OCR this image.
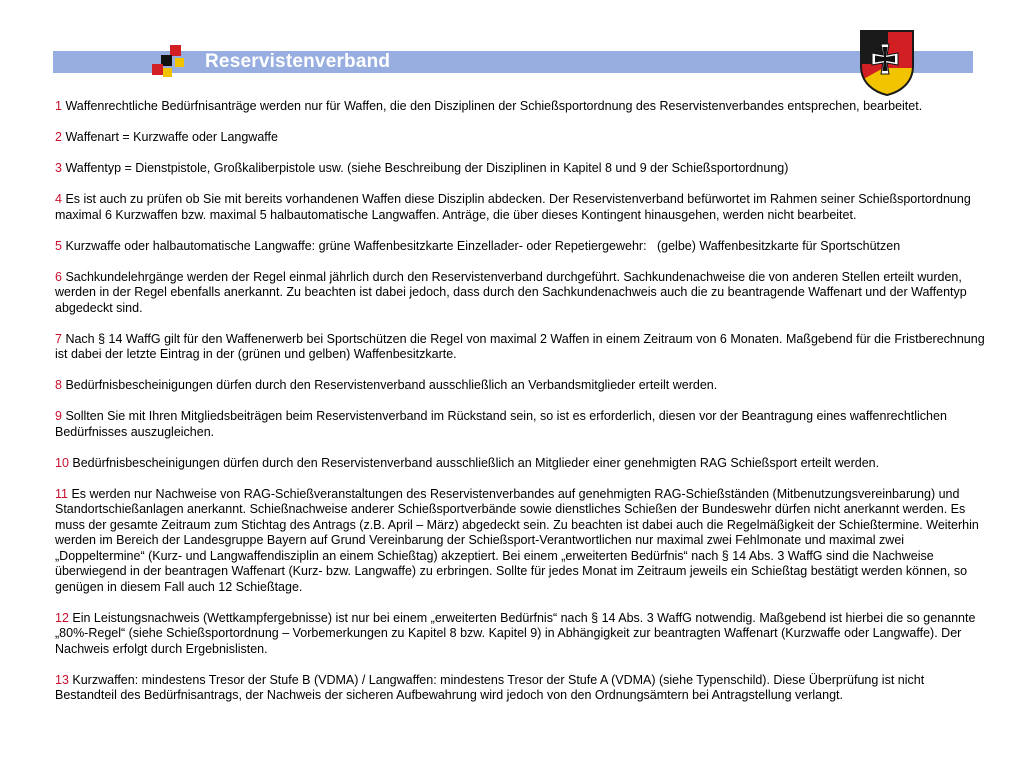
Reservistenverband

1 Waffenrechtliche Bedürfnisanträge werden nur für Waffen, die den Disziplinen der Schießsportordnung des Reservistenverbandes entsprechen, bearbeitet.

2 Waffenart = Kurzwaffe oder Langwaffe

3 Waffentyp = Dienstpistole, Großkaliberpistole usw. (siehe Beschreibung der Disziplinen in Kapitel 8 und 9 der Schießsportordnung)

4 Es ist auch zu prüfen ob Sie mit bereits vorhandenen Waffen diese Disziplin abdecken. Der Reservistenverband befürwortet im Rahmen seiner Schießsportordnung maximal 6 Kurzwaffen bzw. maximal 5 halbautomatische Langwaffen. Anträge, die über dieses Kontingent hinausgehen, werden nicht bearbeitet.

5 Kurzwaffe oder halbautomatische Langwaffe: grüne Waffenbesitzkarte Einzellader- oder Repetiergewehr:   (gelbe) Waffenbesitzkarte für Sportschützen

6 Sachkundelehrgänge werden der Regel einmal jährlich durch den Reservistenverband durchgeführt. Sachkundenachweise die von anderen Stellen erteilt wurden, werden in der Regel ebenfalls anerkannt. Zu beachten ist dabei jedoch, dass durch den Sachkundenachweis auch die zu beantragende Waffenart und der Waffentyp abgedeckt sind.

7 Nach § 14 WaffG gilt für den Waffenerwerb bei Sportschützen die Regel von maximal 2 Waffen in einem Zeitraum von 6 Monaten. Maßgebend für die Fristberechnung ist dabei der letzte Eintrag in der (grünen und gelben) Waffenbesitzkarte.

8 Bedürfnisbescheinigungen dürfen durch den Reservistenverband ausschließlich an Verbandsmitglieder erteilt werden.

9 Sollten Sie mit Ihren Mitgliedsbeiträgen beim Reservistenverband im Rückstand sein, so ist es erforderlich, diesen vor der Beantragung eines waffenrechtlichen Bedürfnisses auszugleichen.

10 Bedürfnisbescheinigungen dürfen durch den Reservistenverband ausschließlich an Mitglieder einer genehmigten RAG Schießsport erteilt werden.

11 Es werden nur Nachweise von RAG-Schießveranstaltungen des Reservistenverbandes auf genehmigten RAG-Schießständen (Mitbenutzungsvereinbarung) und Standortschießanlagen anerkannt. Schießnachweise anderer Schießsportverbände sowie dienstliches Schießen der Bundeswehr dürfen nicht anerkannt werden. Es muss der gesamte Zeitraum zum Stichtag des Antrags (z.B. April – März) abgedeckt sein. Zu beachten ist dabei auch die Regelmäßigkeit der Schießtermine. Weiterhin werden im Bereich der Landesgruppe Bayern auf Grund Vereinbarung der Schießsport-Verantwortlichen nur maximal zwei Fehlmonate und maximal zwei „Doppeltermine“ (Kurz- und Langwaffendisziplin an einem Schießtag) akzeptiert. Bei einem „erweiterten Bedürfnis“ nach § 14 Abs. 3 WaffG sind die Nachweise überwiegend in der beantragen Waffenart (Kurz- bzw. Langwaffe) zu erbringen. Sollte für jedes Monat im Zeitraum jeweils ein Schießtag bestätigt werden können, so genügen in diesem Fall auch 12 Schießtage.

12 Ein Leistungsnachweis (Wettkampfergebnisse) ist nur bei einem „erweiterten Bedürfnis“ nach § 14 Abs. 3 WaffG notwendig. Maßgebend ist hierbei die so genannte „80%-Regel“ (siehe Schießsportordnung – Vorbemerkungen zu Kapitel 8 bzw. Kapitel 9) in Abhängigkeit zur beantragten Waffenart (Kurzwaffe oder Langwaffe). Der Nachweis erfolgt durch Ergebnislisten.

13 Kurzwaffen: mindestens Tresor der Stufe B (VDMA) / Langwaffen: mindestens Tresor der Stufe A (VDMA) (siehe Typenschild). Diese Überprüfung ist nicht Bestandteil des Bedürfnisantrags, der Nachweis der sicheren Aufbewahrung wird jedoch von den Ordnungsämtern bei Antragstellung verlangt.
